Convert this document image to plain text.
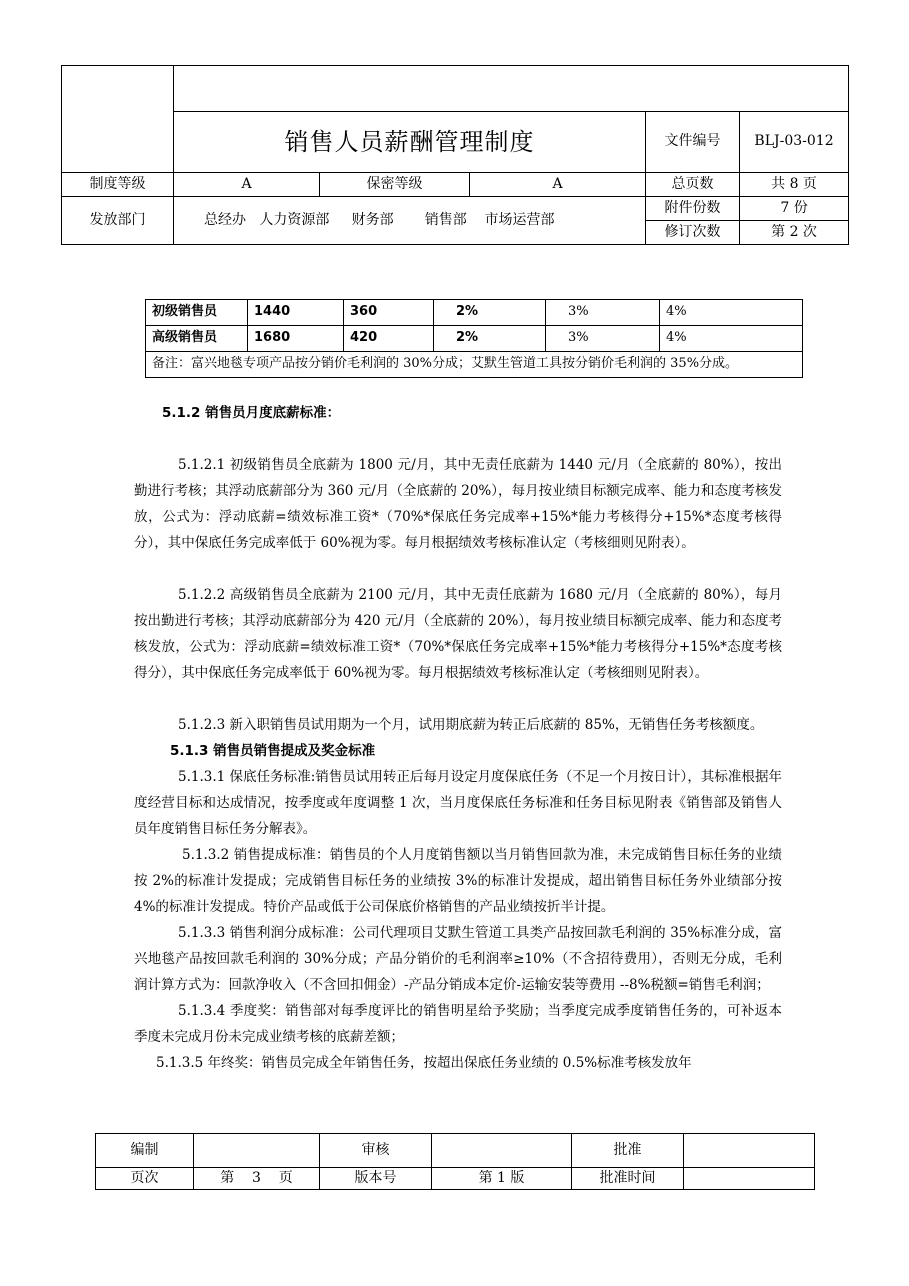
	销售人员薪酬管理制度			文件编号	BLJ-03-012
制度等级	A	保密等级	A	总页数	共 8 页
发放部门	总经办   人力资源部     财务部       销售部    市场运营部			附件份数	7 份
				修订次数	第 2 次
初级销售员	1440	360	2%	3%	4%
高级销售员	1680	420	2%	3%	4%
备注：富兴地毯专项产品按分销价毛利润的 30%分成；艾默生管道工具按分销价毛利润的 35%分成。					

5.1.2 销售员月度底薪标准：

5.1.2.1 初级销售员全底薪为 1800 元/月，其中无责任底薪为 1440 元/月（全底薪的 80%），按出勤进行考核；其浮动底薪部分为 360 元/月（全底薪的 20%），每月按业绩目标额完成率、能力和态度考核发放，公式为：浮动底薪=绩效标准工资*（70%*保底任务完成率+15%*能力考核得分+15%*态度考核得分），其中保底任务完成率低于 60%视为零。每月根据绩效考核标准认定（考核细则见附表）。

5.1.2.2 高级销售员全底薪为 2100 元/月，其中无责任底薪为 1680 元/月（全底薪的 80%），每月按出勤进行考核；其浮动底薪部分为 420 元/月（全底薪的 20%），每月按业绩目标额完成率、能力和态度考核发放，公式为：浮动底薪=绩效标准工资*（70%*保底任务完成率+15%*能力考核得分+15%*态度考核得分），其中保底任务完成率低于 60%视为零。每月根据绩效考核标准认定（考核细则见附表）。

5.1.2.3 新入职销售员试用期为一个月，试用期底薪为转正后底薪的 85%，无销售任务考核额度。

5.1.3 销售员销售提成及奖金标准

5.1.3.1 保底任务标准:销售员试用转正后每月设定月度保底任务（不足一个月按日计），其标准根据年度经营目标和达成情况，按季度或年度调整 1 次，当月度保底任务标准和任务目标见附表《销售部及销售人员年度销售目标任务分解表》。

5.1.3.2 销售提成标准：销售员的个人月度销售额以当月销售回款为准，未完成销售目标任务的业绩按 2%的标准计发提成；完成销售目标任务的业绩按 3%的标准计发提成，超出销售目标任务外业绩部分按 4%的标准计发提成。特价产品或低于公司保底价格销售的产品业绩按折半计提。

5.1.3.3 销售利润分成标准：公司代理项目艾默生管道工具类产品按回款毛利润的 35%标准分成，富兴地毯产品按回款毛利润的 30%分成；产品分销价的毛利润率≥10%（不含招待费用），否则无分成，毛利润计算方式为：回款净收入（不含回扣佣金）-产品分销成本定价-运输安装等费用 --8%税额=销售毛利润；

5.1.3.4 季度奖：销售部对每季度评比的销售明星给予奖励；当季度完成季度销售任务的，可补返本季度未完成月份未完成业绩考核的底薪差额；

5.1.3.5 年终奖：销售员完成全年销售任务，按超出保底任务业绩的 0.5%标准考核发放年

编制		审核		批准	
页次	第    3    页	版本号	第 1 版	批准时间	
